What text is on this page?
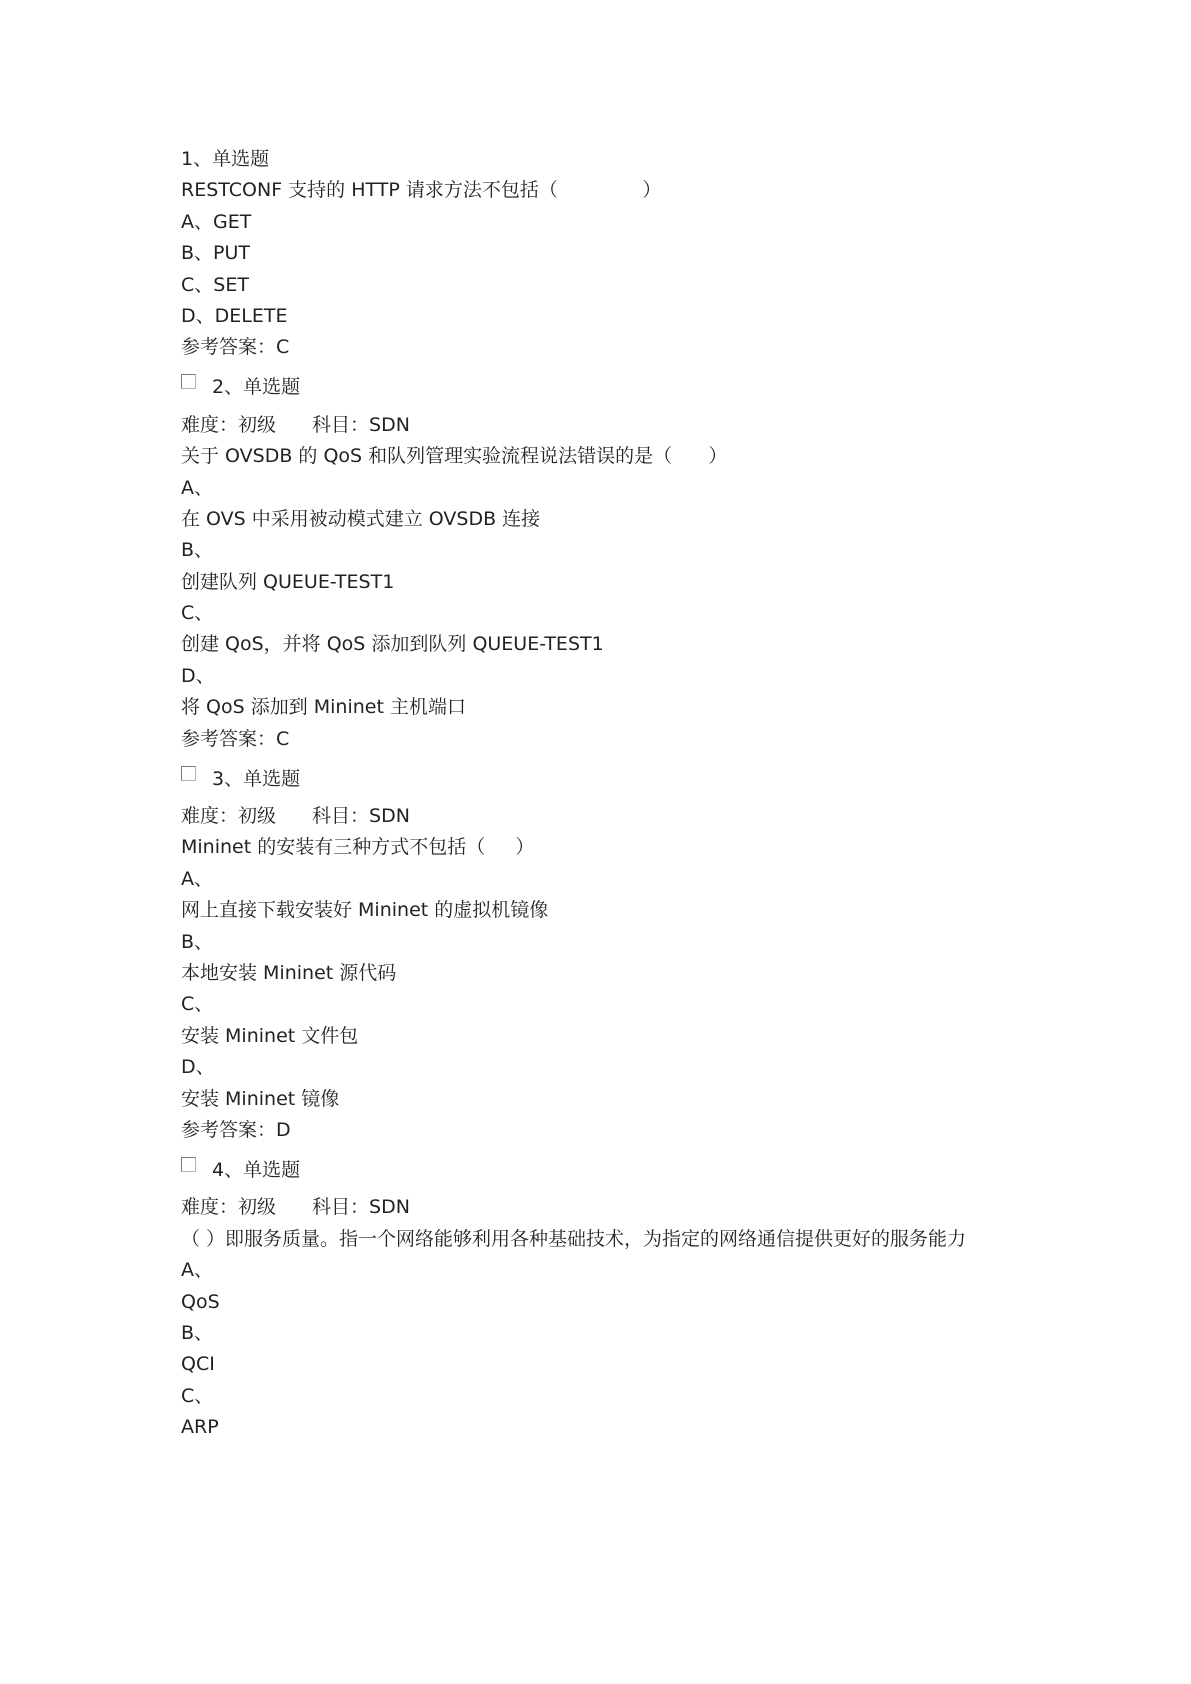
1、单选题
RESTCONF 支持的 HTTP 请求方法不包括（              ）
A、GET
B、PUT
C、SET
D、DELETE
参考答案：C
2、单选题
难度：初级 科目：SDN
关于 OVSDB 的 QoS 和队列管理实验流程说法错误的是（      ）
A、
在 OVS 中采用被动模式建立 OVSDB 连接
B、
创建队列 QUEUE-TEST1
C、
创建 QoS，并将 QoS 添加到队列 QUEUE-TEST1
D、
将 QoS 添加到 Mininet 主机端口
参考答案：C
3、单选题
难度：初级 科目：SDN
Mininet 的安装有三种方式不包括（     ）
A、
网上直接下载安装好 Mininet 的虚拟机镜像
B、
本地安装 Mininet 源代码
C、
安装 Mininet 文件包
D、
安装 Mininet 镜像
参考答案：D
4、单选题
难度：初级 科目：SDN
（ ）即服务质量。指一个网络能够利用各种基础技术，为指定的网络通信提供更好的服务能力
A、
QoS
B、
QCI
C、
ARP
